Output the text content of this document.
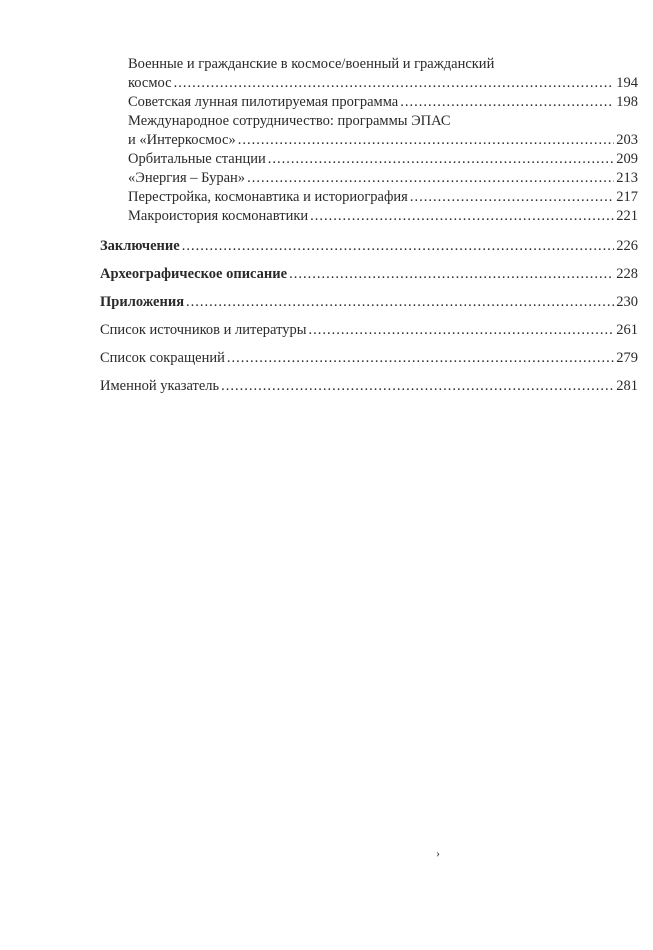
Военные и гражданские в космосе/военный и гражданский
космос .....	194
Советская лунная пилотируемая программа .....	198
Международное сотрудничество: программы ЭПАС
и «Интеркосмос» .....	203
Орбитальные станции .....	209
«Энергия – Буран» .....	213
Перестройка, космонавтика и историография .....	217
Макроистория космонавтики .....	221
Заключение .....	226
Археографическое описание .....	228
Приложения .....	230
Список источников и литературы .....	261
Список сокращений .....	279
Именной указатель .....	281
›
